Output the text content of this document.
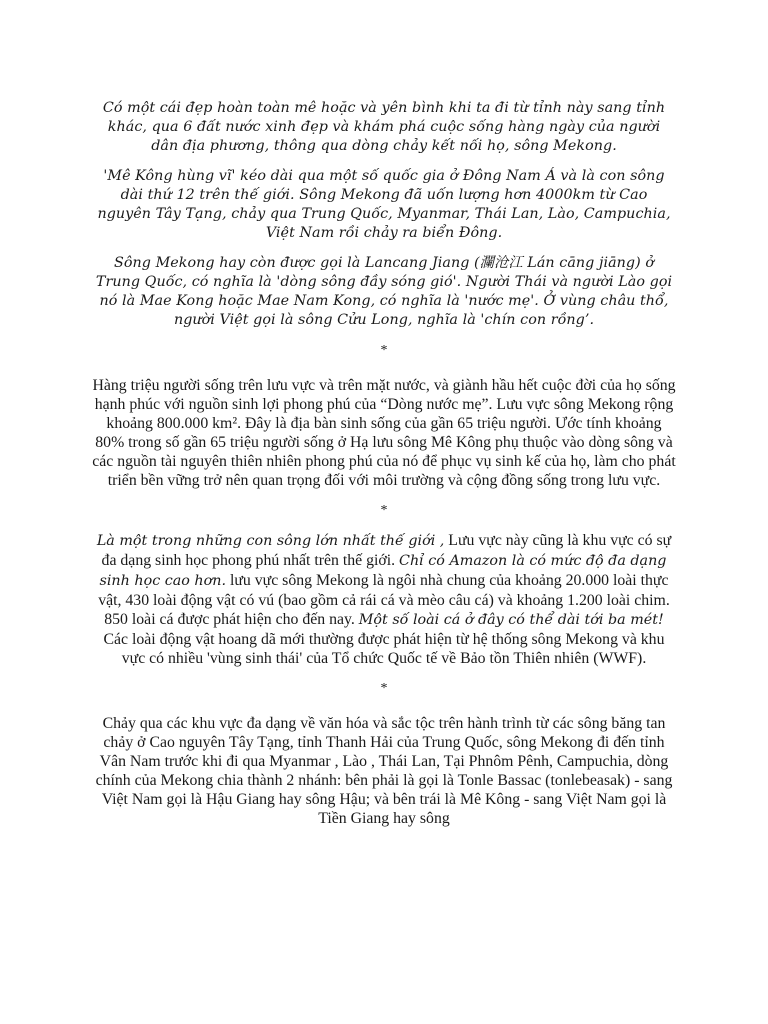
Có một cái đẹp hoàn toàn mê hoặc và yên bình khi ta đi từ tỉnh này sang tỉnh khác, qua 6 đất nước xinh đẹp và khám phá cuộc sống hàng ngày của người dân địa phương, thông qua dòng chảy kết nối họ, sông Mekong.

'Mê Kông hùng vĩ' kéo dài qua một số quốc gia ở Đông Nam Á và là con sông dài thứ 12 trên thế giới. Sông Mekong đã uốn lượng hơn 4000km từ Cao nguyên Tây Tạng, chảy qua Trung Quốc, Myanmar, Thái Lan, Lào, Campuchia, Việt Nam rồi chảy ra biển Đông.

Sông Mekong hay còn được gọi là Lancang Jiang (瀾沧江 Lán cāng jiāng) ở Trung Quốc, có nghĩa là 'dòng sông đầy sóng gió'. Người Thái và người Lào gọi nó là Mae Kong hoặc Mae Nam Kong, có nghĩa là 'nước mẹ'. Ở vùng châu thổ, người Việt gọi là sông Cửu Long, nghĩa là 'chín con rồng’.

*

Hàng triệu người sống trên lưu vực và trên mặt nước, và giành hầu hết cuộc đời của họ sống hạnh phúc với nguồn sinh lợi phong phú của “Dòng nước mẹ”. Lưu vực sông Mekong rộng khoảng 800.000 km². Đây là địa bàn sinh sống của gần 65 triệu người. Ước tính khoảng 80% trong số gần 65 triệu người sống ở Hạ lưu sông Mê Kông phụ thuộc vào dòng sông và các nguồn tài nguyên thiên nhiên phong phú của nó để phục vụ sinh kế của họ, làm cho phát triển bền vững trở nên quan trọng đối với môi trường và cộng đồng sống trong lưu vực.

*

Là một trong những con sông lớn nhất thế giới , Lưu vực này cũng là khu vực có sự đa dạng sinh học phong phú nhất trên thế giới. Chỉ có Amazon là có mức độ đa dạng sinh học cao hơn. lưu vực sông Mekong là ngôi nhà chung của khoảng 20.000 loài thực vật, 430 loài động vật có vú (bao gồm cả rái cá và mèo câu cá) và khoảng 1.200 loài chim. 850 loài cá được phát hiện cho đến nay. Một số loài cá ở đây có thể dài tới ba mét! Các loài động vật hoang dã mới thường được phát hiện từ hệ thống sông Mekong và khu vực có nhiều 'vùng sinh thái' của Tổ chức Quốc tế về Bảo tồn Thiên nhiên (WWF).

*

Chảy qua các khu vực đa dạng về văn hóa và sắc tộc trên hành trình từ các sông băng tan chảy ở Cao nguyên Tây Tạng, tỉnh Thanh Hải của Trung Quốc, sông Mekong đi đến tỉnh Vân Nam trước khi đi qua Myanmar , Lào , Thái Lan, Tại Phnôm Pênh, Campuchia, dòng chính của Mekong chia thành 2 nhánh: bên phải là gọi là Tonle Bassac (tonlebeasak) - sang Việt Nam gọi là Hậu Giang hay sông Hậu; và bên trái là Mê Kông - sang Việt Nam gọi là Tiền Giang hay sông
